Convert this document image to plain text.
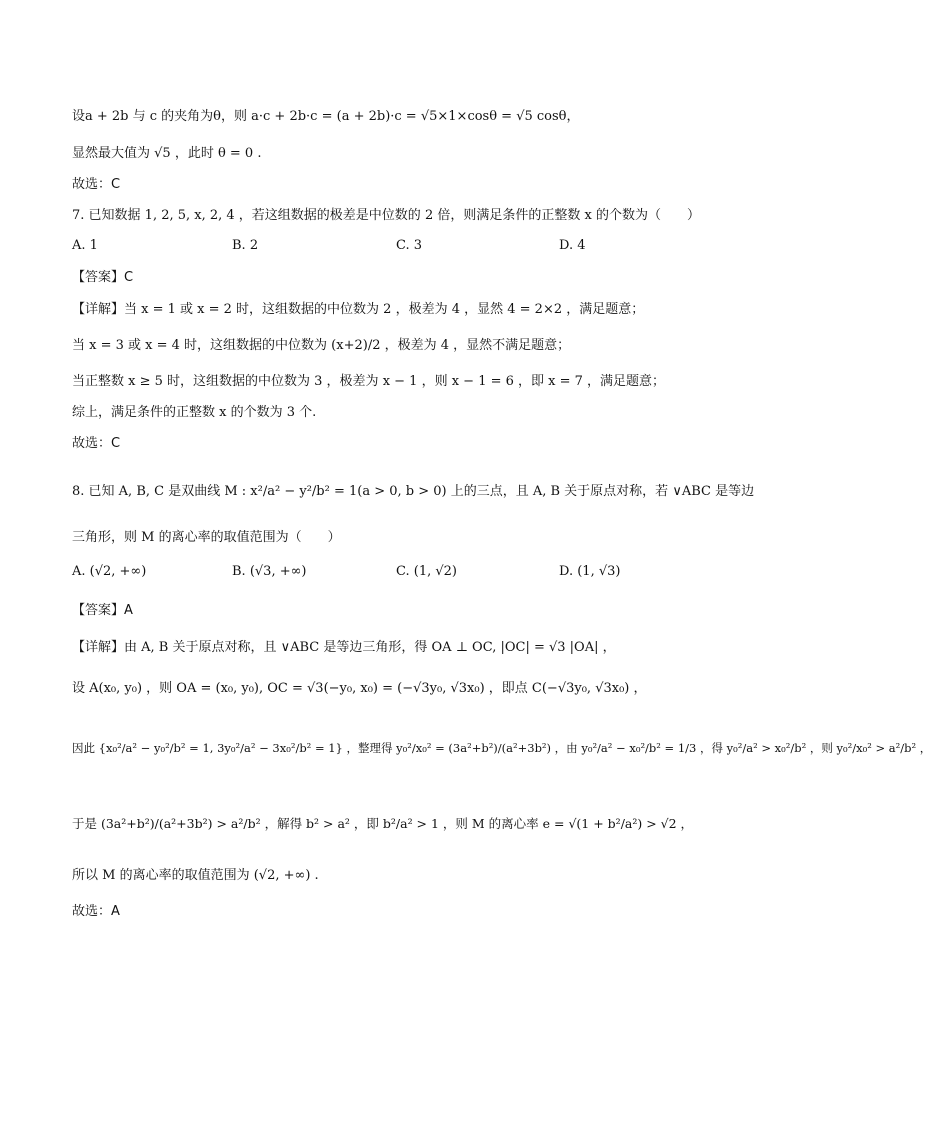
设a + 2b 与 c 的夹角为θ，则 a·c + 2b·c = (a + 2b)·c = √5×1×cosθ = √5 cosθ，
显然最大值为 √5 ，此时 θ = 0 .
故选：C
7. 已知数据 1, 2, 5, x, 2, 4 ，若这组数据的极差是中位数的 2 倍，则满足条件的正整数 x 的个数为（　　）
A. 1	B. 2	C. 3	D. 4
【答案】C
【详解】当 x = 1 或 x = 2 时，这组数据的中位数为 2 ，极差为 4 ，显然 4 = 2×2 ，满足题意；
当 x = 3 或 x = 4 时，这组数据的中位数为 (x+2)/2 ，极差为 4 ，显然不满足题意；
当正整数 x ≥ 5 时，这组数据的中位数为 3 ，极差为 x − 1 ，则 x − 1 = 6 ，即 x = 7 ，满足题意；
综上，满足条件的正整数 x 的个数为 3 个.
故选：C
8. 已知 A, B, C 是双曲线 M : x²/a² − y²/b² = 1(a > 0, b > 0) 上的三点，且 A, B 关于原点对称，若 ∨ABC 是等边
三角形，则 M 的离心率的取值范围为（　　）
A. (√2, +∞)	B. (√3, +∞)	C. (1, √2)	D. (1, √3)
【答案】A
【详解】由 A, B 关于原点对称，且 ∨ABC 是等边三角形，得 OA ⊥ OC, |OC| = √3 |OA| ，
设 A(x₀, y₀) ，则 OA = (x₀, y₀), OC = √3(−y₀, x₀) = (−√3y₀, √3x₀) ，即点 C(−√3y₀, √3x₀) ，
因此 {x₀²/a² − y₀²/b² = 1, 3y₀²/a² − 3x₀²/b² = 1} ，整理得 y₀²/x₀² = (3a²+b²)/(a²+3b²) ，由 y₀²/a² − x₀²/b² = 1/3 ，得 y₀²/a² > x₀²/b² ，则 y₀²/x₀² > a²/b² ，
于是 (3a²+b²)/(a²+3b²) > a²/b² ，解得 b² > a² ，即 b²/a² > 1 ，则 M 的离心率 e = √(1 + b²/a²) > √2 ，
所以 M 的离心率的取值范围为 (√2, +∞) .
故选：A
